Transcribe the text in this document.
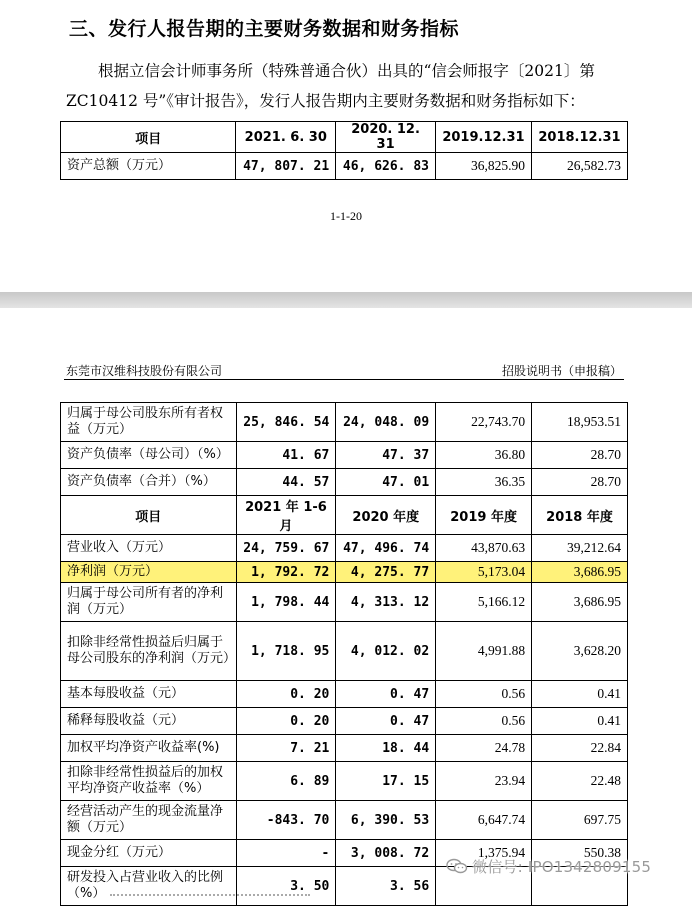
三、发行人报告期的主要财务数据和财务指标
根据立信会计师事务所（特殊普通合伙）出具的“信会师报字〔2021〕第
ZC10412 号”《审计报告》，发行人报告期内主要财务数据和财务指标如下：
项目	2021. 6. 30	2020. 12. 31	2019.12.31	2018.12.31
资产总额（万元）	47, 807. 21	46, 626. 83	36,825.90	26,582.73
1-1-20
东莞市汉维科技股份有限公司	招股说明书（申报稿）
归属于母公司股东所有者权益（万元）	25, 846. 54	24, 048. 09	22,743.70	18,953.51
资产负债率（母公司）（%）	41. 67	47. 37	36.80	28.70
资产负债率（合并）（%）	44. 57	47. 01	36.35	28.70
项目	2021 年 1-6 月	2020 年度	2019 年度	2018 年度
营业收入（万元）	24, 759. 67	47, 496. 74	43,870.63	39,212.64
净利润（万元）	1, 792. 72	4, 275. 77	5,173.04	3,686.95
归属于母公司所有者的净利润（万元）	1, 798. 44	4, 313. 12	5,166.12	3,686.95
扣除非经常性损益后归属于母公司股东的净利润（万元）	1, 718. 95	4, 012. 02	4,991.88	3,628.20
基本每股收益（元）	0. 20	0. 47	0.56	0.41
稀释每股收益（元）	0. 20	0. 47	0.56	0.41
加权平均净资产收益率(%)	7. 21	18. 44	24.78	22.84
扣除非经常性损益后的加权平均净资产收益率（%）	6. 89	17. 15	23.94	22.48
经营活动产生的现金流量净额（万元）	-843. 70	6, 390. 53	6,647.74	697.75
现金分红（万元）	-	3, 008. 72	1,375.94	550.38
研发投入占营业收入的比例（%）	3. 50	3. 56		
微信号: IPO1342809155
